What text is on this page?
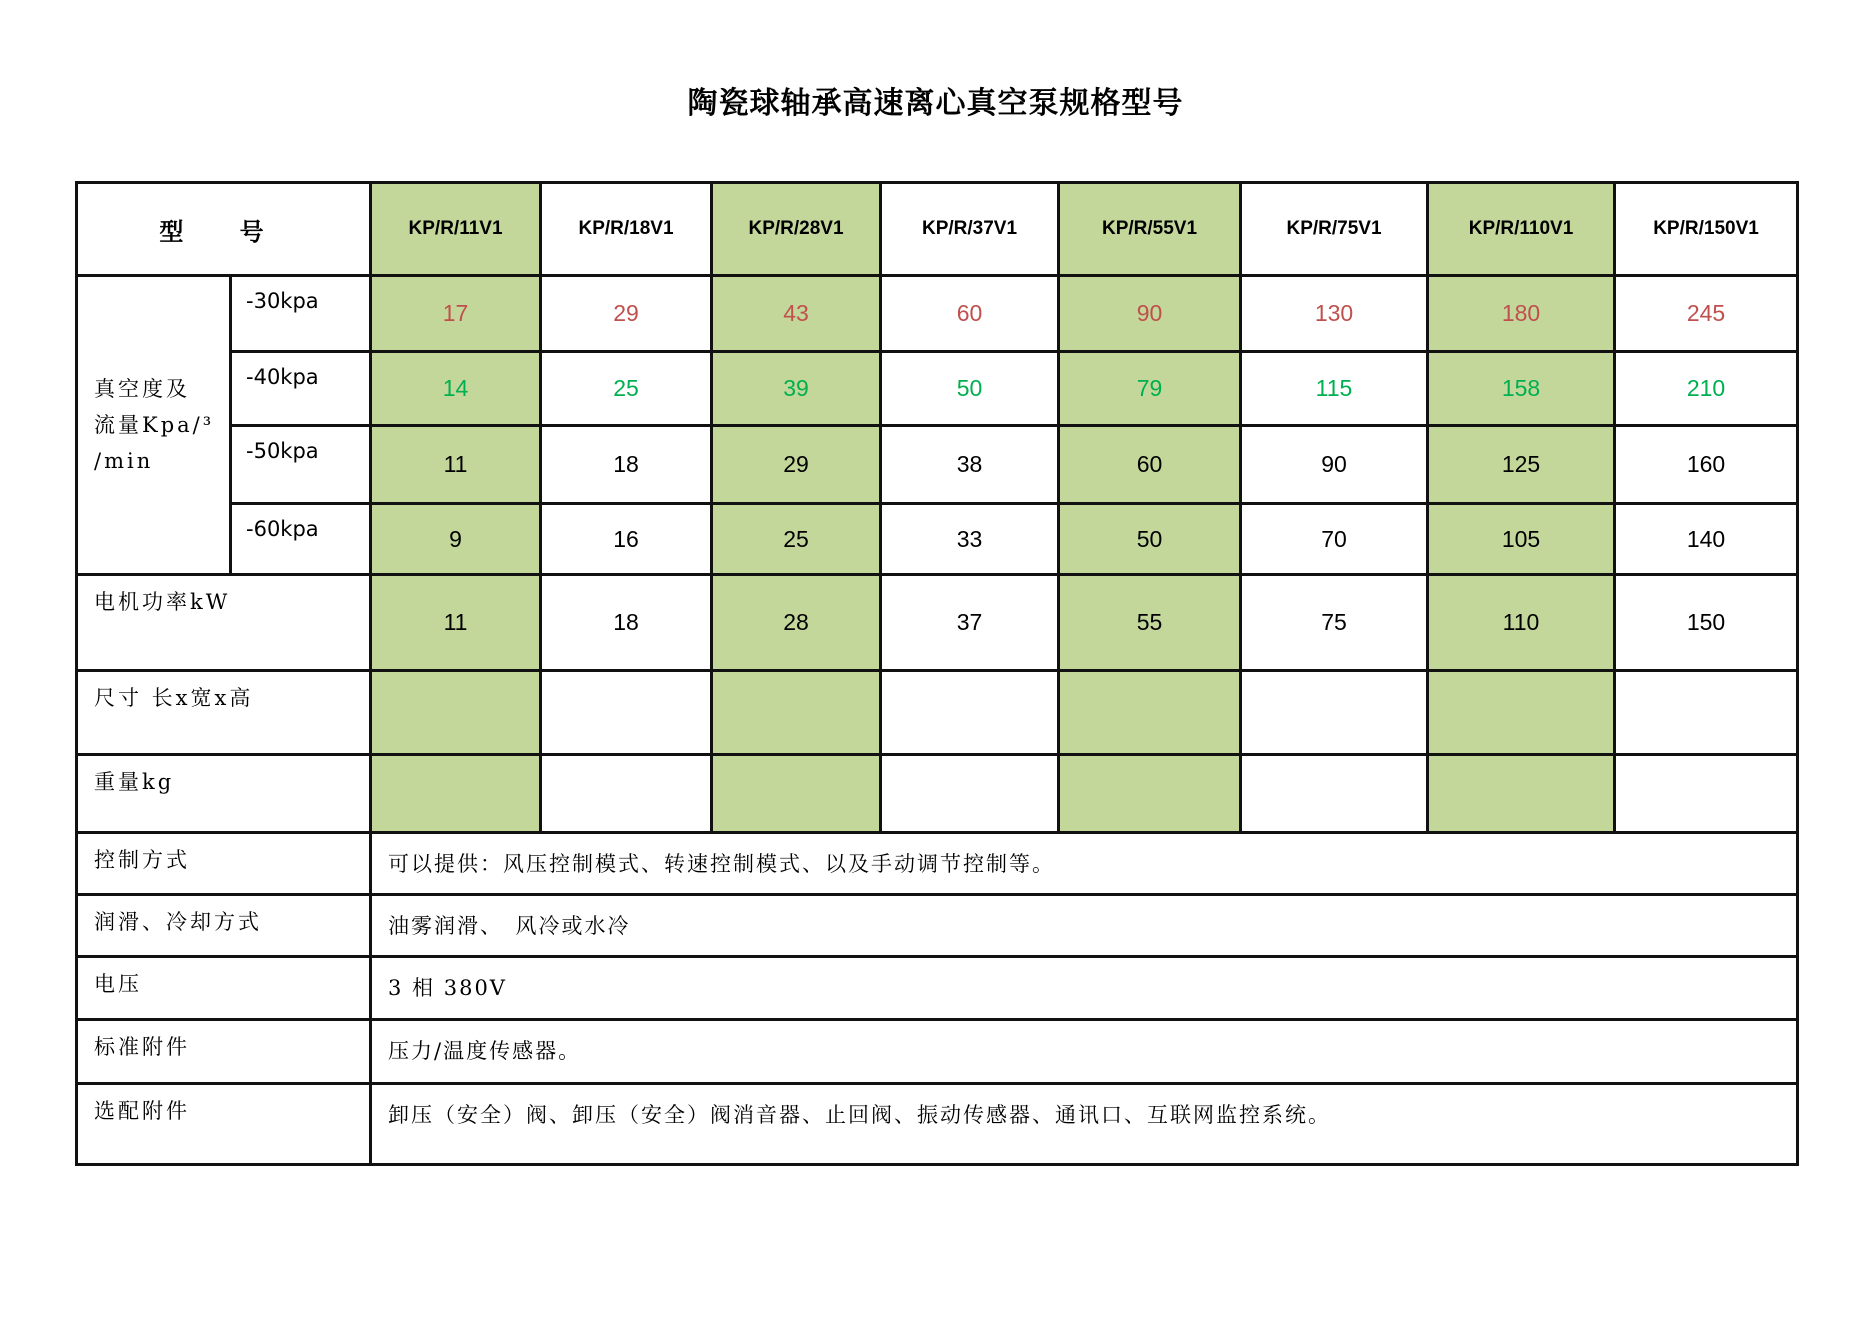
陶瓷球轴承高速离心真空泵规格型号
型 号		KP/R/11V1	KP/R/18V1	KP/R/28V1	KP/R/37V1	KP/R/55V1	KP/R/75V1	KP/R/110V1	KP/R/150V1

真空度及
流量Kpa/³
/min	-30kpa	17	29	43	60	90	130	180	245
	-40kpa	14	25	39	50	79	115	158	210
	-50kpa	11	18	29	38	60	90	125	160
	-60kpa	9	16	25	33	50	70	105	140
电机功率kW		11	18	28	37	55	75	110	150
尺寸 长x宽x高									
重量kg									
控制方式		可以提供：风压控制模式、转速控制模式、以及手动调节控制等。							
润滑、冷却方式		油雾润滑、　风冷或水冷							
电压		3 相 380V							
标准附件		压力/温度传感器。							
选配附件		卸压（安全）阀、卸压（安全）阀消音器、止回阀、振动传感器、通讯口、互联网监控系统。							
